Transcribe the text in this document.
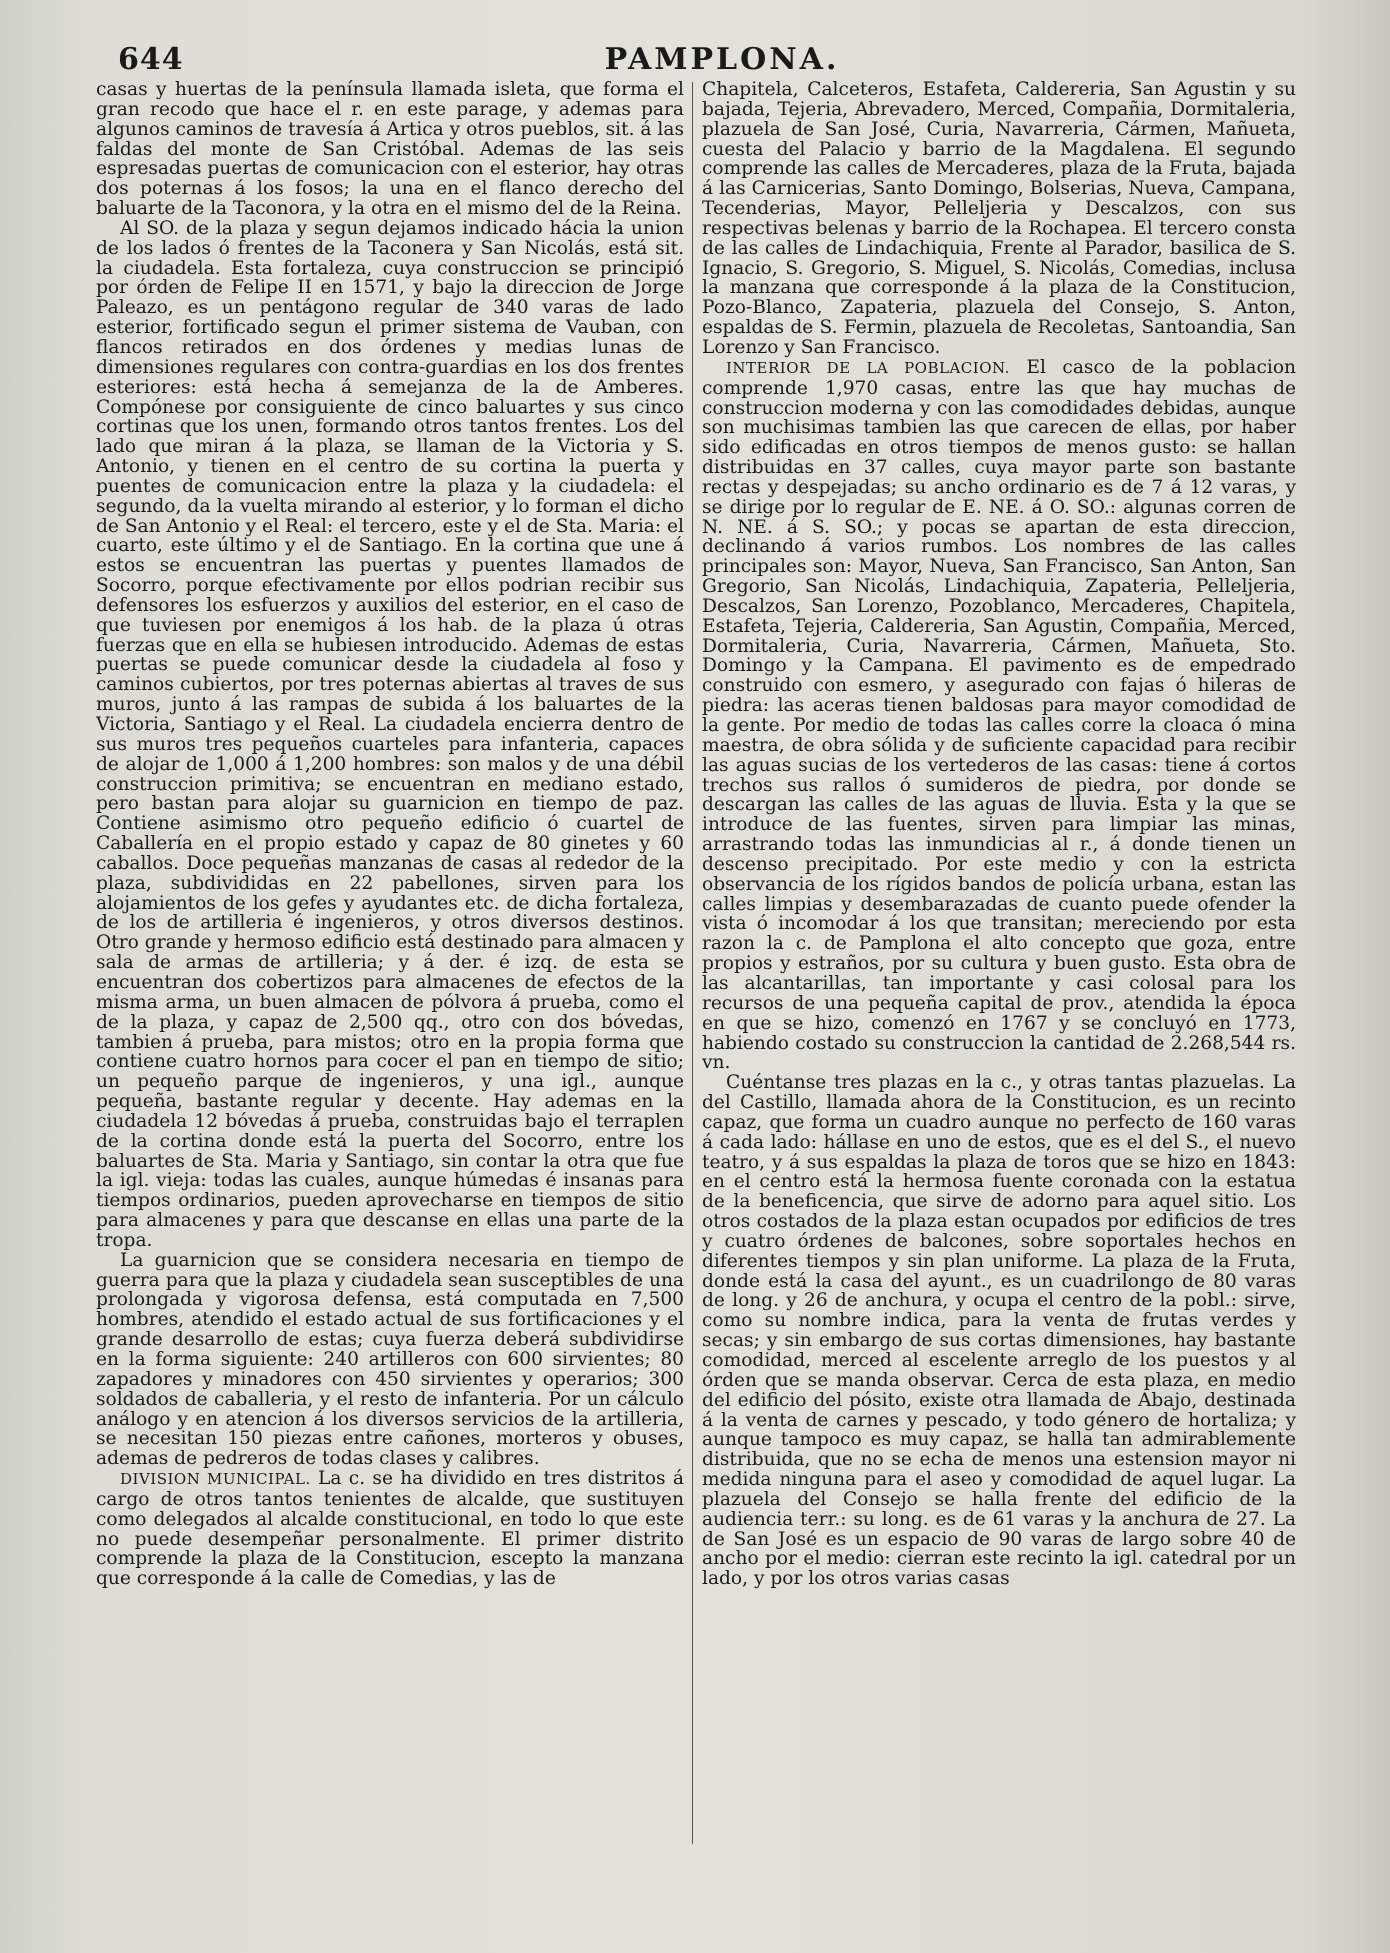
644	PAMPLONA.

casas y huertas de la península llamada isleta, que forma el gran recodo que hace el r. en este parage, y ademas para algunos caminos de travesía á Artica y otros pueblos, sit. á las faldas del monte de San Cristóbal. Ademas de las seis espresadas puertas de comunicacion con el esterior, hay otras dos poternas á los fosos; la una en el flanco derecho del baluarte de la Taconora, y la otra en el mismo del de la Reina.

Al SO. de la plaza y segun dejamos indicado hácia la union de los lados ó frentes de la Taconera y San Nicolás, está sit. la ciudadela. Esta fortaleza, cuya construccion se principió por órden de Felipe II en 1571, y bajo la direccion de Jorge Paleazo, es un pentágono regular de 340 varas de lado esterior, fortificado segun el primer sistema de Vauban, con flancos retirados en dos órdenes y medias lunas de dimensiones regulares con contra-guardias en los dos frentes esteriores: está hecha á semejanza de la de Amberes. Compónese por consiguiente de cinco baluartes y sus cinco cortinas que los unen, formando otros tantos frentes. Los del lado que miran á la plaza, se llaman de la Victoria y S. Antonio, y tienen en el centro de su cortina la puerta y puentes de comunicacion entre la plaza y la ciudadela: el segundo, da la vuelta mirando al esterior, y lo forman el dicho de San Antonio y el Real: el tercero, este y el de Sta. Maria: el cuarto, este último y el de Santiago. En la cortina que une á estos se encuentran las puertas y puentes llamados de Socorro, porque efectivamente por ellos podrian recibir sus defensores los esfuerzos y auxilios del esterior, en el caso de que tuviesen por enemigos á los hab. de la plaza ú otras fuerzas que en ella se hubiesen introducido. Ademas de estas puertas se puede comunicar desde la ciudadela al foso y caminos cubiertos, por tres poternas abiertas al traves de sus muros, junto á las rampas de subida á los baluartes de la Victoria, Santiago y el Real. La ciudadela encierra dentro de sus muros tres pequeños cuarteles para infanteria, capaces de alojar de 1,000 á 1,200 hombres: son malos y de una débil construccion primitiva; se encuentran en mediano estado, pero bastan para alojar su guarnicion en tiempo de paz. Contiene asimismo otro pequeño edificio ó cuartel de Caballería en el propio estado y capaz de 80 ginetes y 60 caballos. Doce pequeñas manzanas de casas al rededor de la plaza, subdivididas en 22 pabellones, sirven para los alojamientos de los gefes y ayudantes etc. de dicha fortaleza, de los de artilleria é ingenieros, y otros diversos destinos. Otro grande y hermoso edificio está destinado para almacen y sala de armas de artilleria; y á der. é izq. de esta se encuentran dos cobertizos para almacenes de efectos de la misma arma, un buen almacen de pólvora á prueba, como el de la plaza, y capaz de 2,500 qq., otro con dos bóvedas, tambien á prueba, para mistos; otro en la propia forma que contiene cuatro hornos para cocer el pan en tiempo de sitio; un pequeño parque de ingenieros, y una igl., aunque pequeña, bastante regular y decente. Hay ademas en la ciudadela 12 bóvedas á prueba, construidas bajo el terraplen de la cortina donde está la puerta del Socorro, entre los baluartes de Sta. Maria y Santiago, sin contar la otra que fue la igl. vieja: todas las cuales, aunque húmedas é insanas para tiempos ordinarios, pueden aprovecharse en tiempos de sitio para almacenes y para que descanse en ellas una parte de la tropa.

La guarnicion que se considera necesaria en tiempo de guerra para que la plaza y ciudadela sean susceptibles de una prolongada y vigorosa defensa, está computada en 7,500 hombres, atendido el estado actual de sus fortificaciones y el grande desarrollo de estas; cuya fuerza deberá subdividirse en la forma siguiente: 240 artilleros con 600 sirvientes; 80 zapadores y minadores con 450 sirvientes y operarios; 300 soldados de caballeria, y el resto de infanteria. Por un cálculo análogo y en atencion á los diversos servicios de la artilleria, se necesitan 150 piezas entre cañones, morteros y obuses, ademas de pedreros de todas clases y calibres.

DIVISION MUNICIPAL. La c. se ha dividido en tres distritos á cargo de otros tantos tenientes de alcalde, que sustituyen como delegados al alcalde constitucional, en todo lo que este no puede desempeñar personalmente. El primer distrito comprende la plaza de la Constitucion, escepto la manzana que corresponde á la calle de Comedias, y las de

Chapitela, Calceteros, Estafeta, Caldereria, San Agustin y su bajada, Tejeria, Abrevadero, Merced, Compañia, Dormitaleria, plazuela de San José, Curia, Navarreria, Cármen, Mañueta, cuesta del Palacio y barrio de la Magdalena. El segundo comprende las calles de Mercaderes, plaza de la Fruta, bajada á las Carnicerias, Santo Domingo, Bolserias, Nueva, Campana, Tecenderias, Mayor, Pelleljeria y Descalzos, con sus respectivas belenas y barrio de la Rochapea. El tercero consta de las calles de Lindachiquia, Frente al Parador, basilica de S. Ignacio, S. Gregorio, S. Miguel, S. Nicolás, Comedias, inclusa la manzana que corresponde á la plaza de la Constitucion, Pozo-Blanco, Zapateria, plazuela del Consejo, S. Anton, espaldas de S. Fermin, plazuela de Recoletas, Santoandia, San Lorenzo y San Francisco.

INTERIOR DE LA POBLACION. El casco de la poblacion comprende 1,970 casas, entre las que hay muchas de construccion moderna y con las comodidades debidas, aunque son muchisimas tambien las que carecen de ellas, por haber sido edificadas en otros tiempos de menos gusto: se hallan distribuidas en 37 calles, cuya mayor parte son bastante rectas y despejadas; su ancho ordinario es de 7 á 12 varas, y se dirige por lo regular de E. NE. á O. SO.: algunas corren de N. NE. á S. SO.; y pocas se apartan de esta direccion, declinando á varios rumbos. Los nombres de las calles principales son: Mayor, Nueva, San Francisco, San Anton, San Gregorio, San Nicolás, Lindachiquia, Zapateria, Pelleljeria, Descalzos, San Lorenzo, Pozoblanco, Mercaderes, Chapitela, Estafeta, Tejeria, Caldereria, San Agustin, Compañia, Merced, Dormitaleria, Curia, Navarreria, Cármen, Mañueta, Sto. Domingo y la Campana. El pavimento es de empedrado construido con esmero, y asegurado con fajas ó hileras de piedra: las aceras tienen baldosas para mayor comodidad de la gente. Por medio de todas las calles corre la cloaca ó mina maestra, de obra sólida y de suficiente capacidad para recibir las aguas sucias de los vertederos de las casas: tiene á cortos trechos sus rallos ó sumideros de piedra, por donde se descargan las calles de las aguas de lluvia. Esta y la que se introduce de las fuentes, sirven para limpiar las minas, arrastrando todas las inmundicias al r., á donde tienen un descenso precipitado. Por este medio y con la estricta observancia de los rígidos bandos de policía urbana, estan las calles limpias y desembarazadas de cuanto puede ofender la vista ó incomodar á los que transitan; mereciendo por esta razon la c. de Pamplona el alto concepto que goza, entre propios y estraños, por su cultura y buen gusto. Esta obra de las alcantarillas, tan importante y casi colosal para los recursos de una pequeña capital de prov., atendida la época en que se hizo, comenzó en 1767 y se concluyó en 1773, habiendo costado su construccion la cantidad de 2.268,544 rs. vn.

Cuéntanse tres plazas en la c., y otras tantas plazuelas. La del Castillo, llamada ahora de la Constitucion, es un recinto capaz, que forma un cuadro aunque no perfecto de 160 varas á cada lado: hállase en uno de estos, que es el del S., el nuevo teatro, y á sus espaldas la plaza de toros que se hizo en 1843: en el centro está la hermosa fuente coronada con la estatua de la beneficencia, que sirve de adorno para aquel sitio. Los otros costados de la plaza estan ocupados por edificios de tres y cuatro órdenes de balcones, sobre soportales hechos en diferentes tiempos y sin plan uniforme. La plaza de la Fruta, donde está la casa del ayunt., es un cuadrilongo de 80 varas de long. y 26 de anchura, y ocupa el centro de la pobl.: sirve, como su nombre indica, para la venta de frutas verdes y secas; y sin embargo de sus cortas dimensiones, hay bastante comodidad, merced al escelente arreglo de los puestos y al órden que se manda observar. Cerca de esta plaza, en medio del edificio del pósito, existe otra llamada de Abajo, destinada á la venta de carnes y pescado, y todo género de hortaliza; y aunque tampoco es muy capaz, se halla tan admirablemente distribuida, que no se echa de menos una estension mayor ni medida ninguna para el aseo y comodidad de aquel lugar. La plazuela del Consejo se halla frente del edificio de la audiencia terr.: su long. es de 61 varas y la anchura de 27. La de San José es un espacio de 90 varas de largo sobre 40 de ancho por el medio: cierran este recinto la igl. catedral por un lado, y por los otros varias casas
